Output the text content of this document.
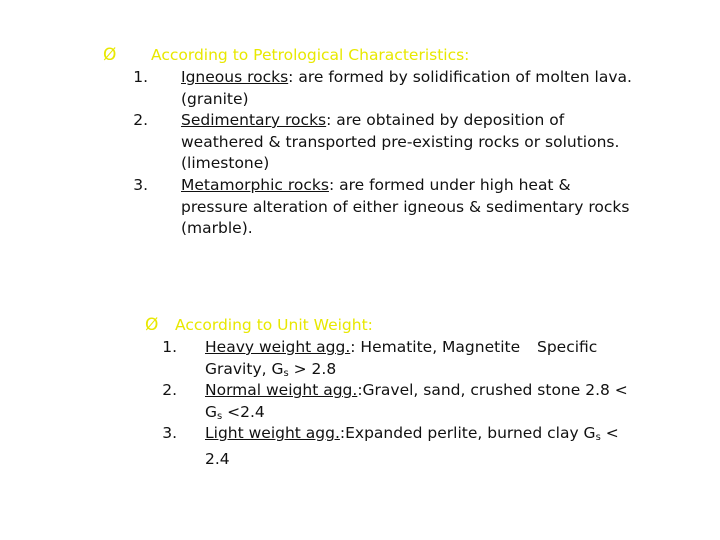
Ø According to Petrological Characteristics:
1. Igneous rocks: are formed by solidification of molten lava.
(granite)
2. Sedimentary rocks: are obtained by deposition of
weathered & transported pre-existing rocks or solutions.
(limestone)
3. Metamorphic rocks: are formed under high heat &
pressure alteration of either igneous & sedimentary rocks
(marble).
Ø According to Unit Weight:
1. Heavy weight agg.: Hematite, Magnetite
Gravity, $G_s > 2.8$
Specific
2. Normal weight agg.:Gravel, sand, crushed stone 2.8 <
$G_s <2.4$
3. Light weight agg.:Expanded perlite, burned clay $G_s$ <
2.4
